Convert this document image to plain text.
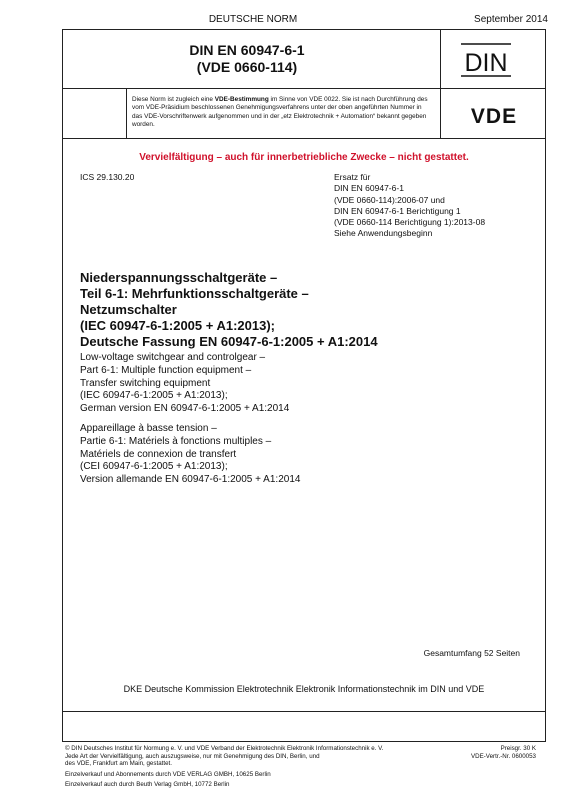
DEUTSCHE NORM	September 2014
DIN EN 60947-6-1
(VDE 0660-114)	DIN
Diese Norm ist zugleich eine VDE-Bestimmung im Sinne von VDE 0022. Sie ist nach Durchführung des vom VDE-Präsidium beschlossenen Genehmigungsverfahrens unter der oben angeführten Nummer in das VDE-Vorschriftenwerk aufgenommen und in der „etz Elektrotechnik + Automation“ bekannt gegeben worden.	VDE
Vervielfältigung – auch für innerbetriebliche Zwecke – nicht gestattet.
ICS 29.130.20	Ersatz für
DIN EN 60947-6-1
(VDE 0660-114):2006-07 und
DIN EN 60947-6-1 Berichtigung 1
(VDE 0660-114 Berichtigung 1):2013-08
Siehe Anwendungsbeginn
Niederspannungsschaltgeräte –
Teil 6-1: Mehrfunktionsschaltgeräte –
Netzumschalter
(IEC 60947-6-1:2005 + A1:2013);
Deutsche Fassung EN 60947-6-1:2005 + A1:2014
Low-voltage switchgear and controlgear –
Part 6-1: Multiple function equipment –
Transfer switching equipment
(IEC 60947-6-1:2005 + A1:2013);
German version EN 60947-6-1:2005 + A1:2014
Appareillage à basse tension –
Partie 6-1: Matériels à fonctions multiples –
Matériels de connexion de transfert
(CEI 60947-6-1:2005 + A1:2013);
Version allemande EN 60947-6-1:2005 + A1:2014
Gesamtumfang 52 Seiten
DKE Deutsche Kommission Elektrotechnik Elektronik Informationstechnik im DIN und VDE
© DIN Deutsches Institut für Normung e. V. und VDE Verband der Elektrotechnik Elektronik Informationstechnik e. V.
Jede Art der Vervielfältigung, auch auszugsweise, nur mit Genehmigung des DIN, Berlin, und
des VDE, Frankfurt am Main, gestattet.
Preisgr. 30 K
VDE-Vertr.-Nr. 0600053
Einzelverkauf und Abonnements durch VDE VERLAG GMBH, 10625 Berlin
Einzelverkauf auch durch Beuth Verlag GmbH, 10772 Berlin
